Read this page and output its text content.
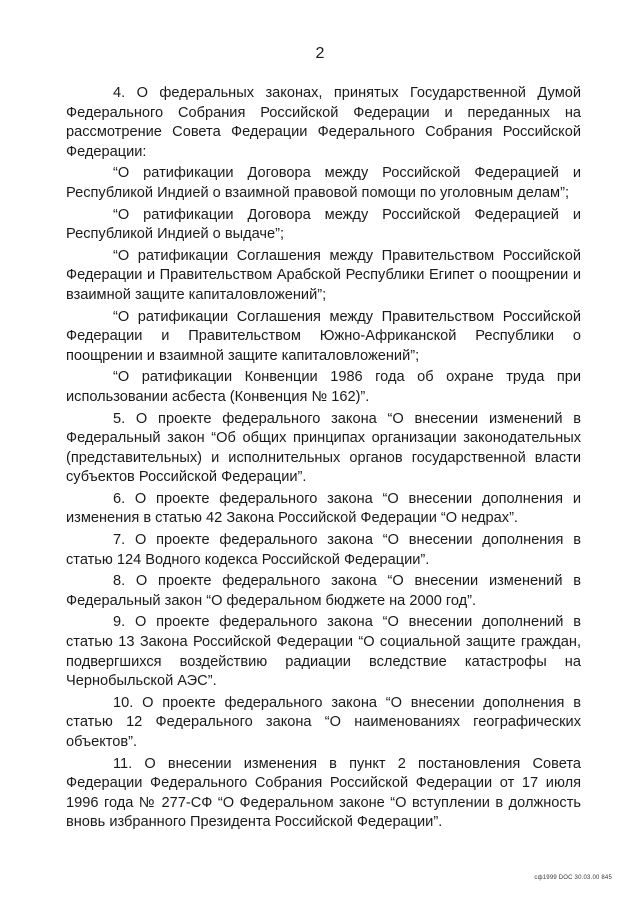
2

4. О федеральных законах, принятых Государственной Думой Федерального Собрания Российской Федерации и переданных на рассмотрение Совета Федерации Федерального Собрания Российской Федерации:

“О ратификации Договора между Российской Федерацией и Республикой Индией о взаимной правовой помощи по уголовным делам”;

“О ратификации Договора между Российской Федерацией и Республикой Индией о выдаче”;

“О ратификации Соглашения между Правительством Российской Федерации и Правительством Арабской Республики Египет о поощрении и взаимной защите капиталовложений”;

“О ратификации Соглашения между Правительством Российской Федерации и Правительством Южно-Африканской Республики о поощрении и взаимной защите капиталовложений”;

“О ратификации Конвенции 1986 года об охране труда при использовании асбеста (Конвенция № 162)”.

5. О проекте федерального закона “О внесении изменений в Федеральный закон “Об общих принципах организации законодательных (представительных) и исполнительных органов государственной власти субъектов Российской Федерации”.

6. О проекте федерального закона “О внесении дополнения и изменения в статью 42 Закона Российской Федерации “О недрах”.

7. О проекте федерального закона “О внесении дополнения в статью 124 Водного кодекса Российской Федерации”.

8. О проекте федерального закона “О внесении изменений в Федеральный закон “О федеральном бюджете на 2000 год”.

9. О проекте федерального закона “О внесении дополнений в статью 13 Закона Российской Федерации “О социальной защите граждан, подвергшихся воздействию радиации вследствие катастрофы на Чернобыльской АЭС”.

10. О проекте федерального закона “О внесении дополнения в статью 12 Федерального закона “О наименованиях географических объектов”.

11. О внесении изменения в пункт 2 постановления Совета Федерации Федерального Собрания Российской Федерации от 17 июля 1996 года № 277-СФ “О Федеральном законе “О вступлении в должность вновь избранного Президента Российской Федерации”.

сф1999 DOC 30.03.00 845
